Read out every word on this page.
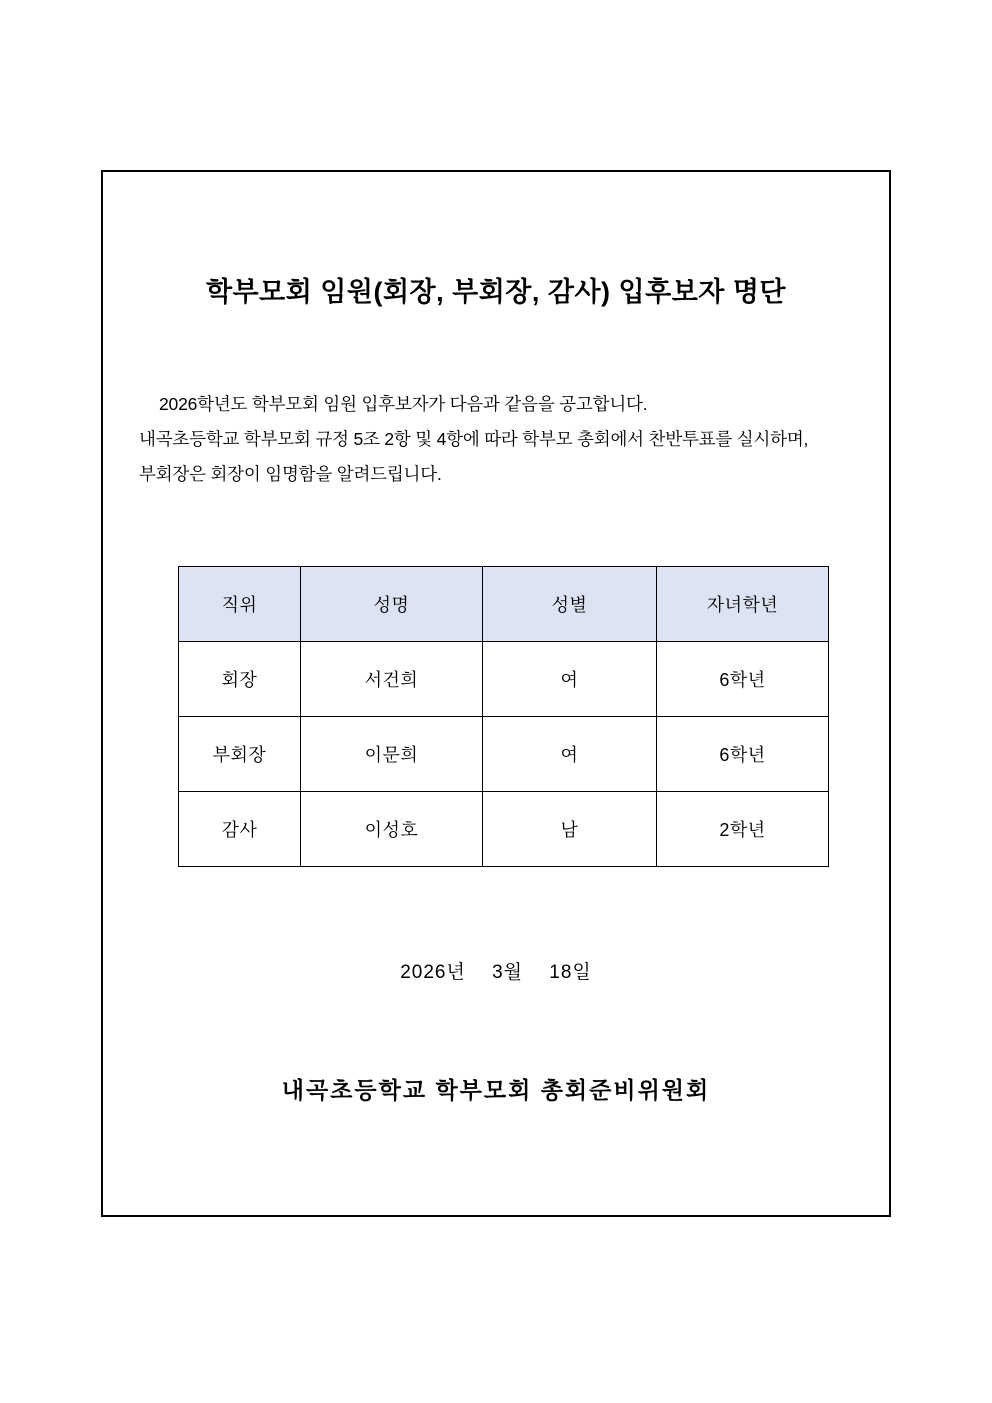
학부모회 임원(회장, 부회장, 감사) 입후보자 명단
2026학년도 학부모회 임원 입후보자가 다음과 같음을 공고합니다.
내곡초등학교 학부모회 규정 5조 2항 및 4항에 따라 학부모 총회에서 찬반투표를 실시하며,
부회장은 회장이 임명함을 알려드립니다.
직위	성명	성별	자녀학년
회장	서건희	여	6학년
부회장	이문희	여	6학년
감사	이성호	남	2학년
2026년 3월 18일
내곡초등학교 학부모회 총회준비위원회
